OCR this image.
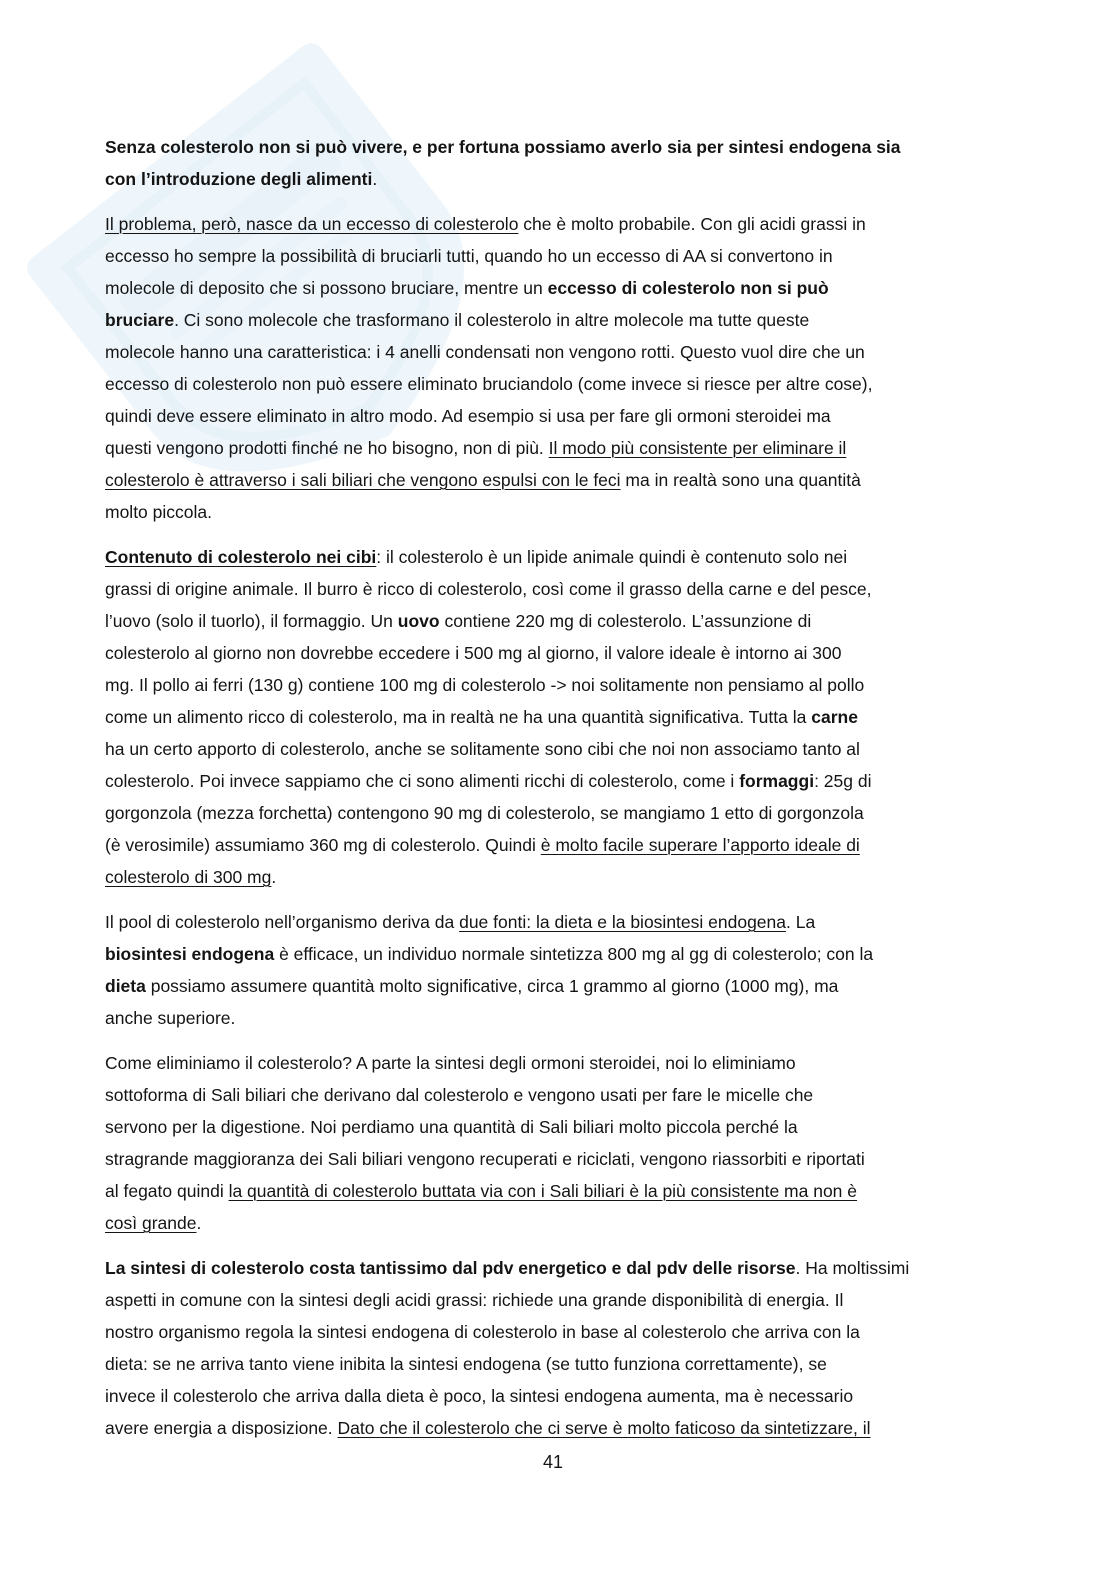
Senza colesterolo non si può vivere, e per fortuna possiamo averlo sia per sintesi endogena sia
con l’introduzione degli alimenti.
Il problema, però, nasce da un eccesso di colesterolo che è molto probabile. Con gli acidi grassi in
eccesso ho sempre la possibilità di bruciarli tutti, quando ho un eccesso di AA si convertono in
molecole di deposito che si possono bruciare, mentre un eccesso di colesterolo non si può
bruciare. Ci sono molecole che trasformano il colesterolo in altre molecole ma tutte queste
molecole hanno una caratteristica: i 4 anelli condensati non vengono rotti. Questo vuol dire che un
eccesso di colesterolo non può essere eliminato bruciandolo (come invece si riesce per altre cose),
quindi deve essere eliminato in altro modo. Ad esempio si usa per fare gli ormoni steroidei ma
questi vengono prodotti finché ne ho bisogno, non di più. Il modo più consistente per eliminare il
colesterolo è attraverso i sali biliari che vengono espulsi con le feci ma in realtà sono una quantità
molto piccola.
Contenuto di colesterolo nei cibi: il colesterolo è un lipide animale quindi è contenuto solo nei
grassi di origine animale. Il burro è ricco di colesterolo, così come il grasso della carne e del pesce,
l’uovo (solo il tuorlo), il formaggio. Un uovo contiene 220 mg di colesterolo. L’assunzione di
colesterolo al giorno non dovrebbe eccedere i 500 mg al giorno, il valore ideale è intorno ai 300
mg. Il pollo ai ferri (130 g) contiene 100 mg di colesterolo -> noi solitamente non pensiamo al pollo
come un alimento ricco di colesterolo, ma in realtà ne ha una quantità significativa. Tutta la carne
ha un certo apporto di colesterolo, anche se solitamente sono cibi che noi non associamo tanto al
colesterolo. Poi invece sappiamo che ci sono alimenti ricchi di colesterolo, come i formaggi: 25g di
gorgonzola (mezza forchetta) contengono 90 mg di colesterolo, se mangiamo 1 etto di gorgonzola
(è verosimile) assumiamo 360 mg di colesterolo. Quindi è molto facile superare l’apporto ideale di
colesterolo di 300 mg.
Il pool di colesterolo nell’organismo deriva da due fonti: la dieta e la biosintesi endogena. La
biosintesi endogena è efficace, un individuo normale sintetizza 800 mg al gg di colesterolo; con la
dieta possiamo assumere quantità molto significative, circa 1 grammo al giorno (1000 mg), ma
anche superiore.
Come eliminiamo il colesterolo? A parte la sintesi degli ormoni steroidei, noi lo eliminiamo
sottoforma di Sali biliari che derivano dal colesterolo e vengono usati per fare le micelle che
servono per la digestione. Noi perdiamo una quantità di Sali biliari molto piccola perché la
stragrande maggioranza dei Sali biliari vengono recuperati e riciclati, vengono riassorbiti e riportati
al fegato quindi la quantità di colesterolo buttata via con i Sali biliari è la più consistente ma non è
così grande.
La sintesi di colesterolo costa tantissimo dal pdv energetico e dal pdv delle risorse. Ha moltissimi
aspetti in comune con la sintesi degli acidi grassi: richiede una grande disponibilità di energia. Il
nostro organismo regola la sintesi endogena di colesterolo in base al colesterolo che arriva con la
dieta: se ne arriva tanto viene inibita la sintesi endogena (se tutto funziona correttamente), se
invece il colesterolo che arriva dalla dieta è poco, la sintesi endogena aumenta, ma è necessario
avere energia a disposizione. Dato che il colesterolo che ci serve è molto faticoso da sintetizzare, il
41
